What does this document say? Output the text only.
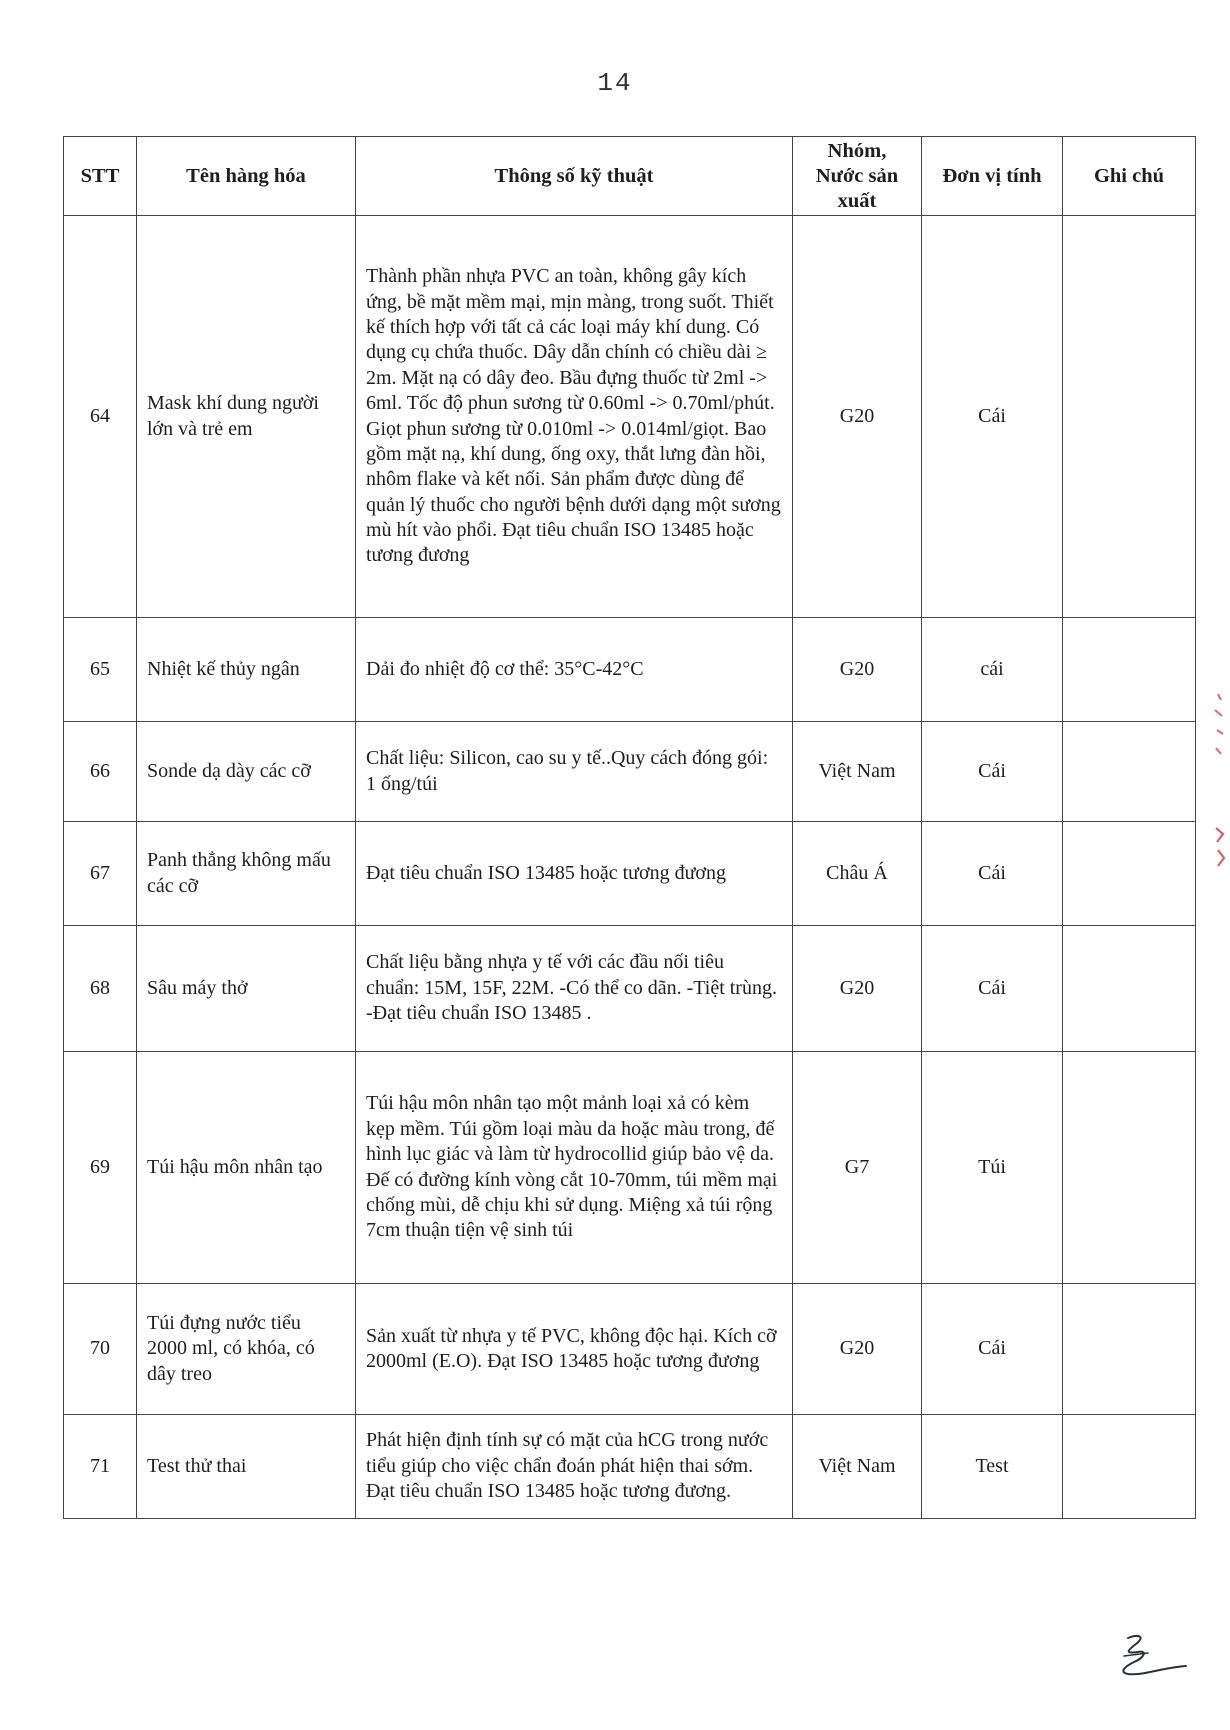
14
STT	Tên hàng hóa	Thông số kỹ thuật	Nhóm, Nước sản xuất	Đơn vị tính	Ghi chú
64	Mask khí dung người lớn và trẻ em	Thành phần nhựa PVC an toàn, không gây kích ứng, bề mặt mềm mại, mịn màng, trong suốt. Thiết kế thích hợp với tất cả các loại máy khí dung. Có dụng cụ chứa thuốc. Dây dẫn chính có chiều dài ≥ 2m. Mặt nạ có dây đeo. Bầu đựng thuốc từ 2ml -> 6ml. Tốc độ phun sương từ 0.60ml -> 0.70ml/phút. Giọt phun sương từ 0.010ml -> 0.014ml/giọt. Bao gồm mặt nạ, khí dung, ống oxy, thắt lưng đàn hồi, nhôm flake và kết nối. Sản phẩm được dùng để quản lý thuốc cho người bệnh dưới dạng một sương mù hít vào phổi. Đạt tiêu chuẩn ISO 13485 hoặc tương đương	G20	Cái	
65	Nhiệt kế thủy ngân	Dải đo nhiệt độ cơ thể: 35°C-42°C	G20	cái	
66	Sonde dạ dày các cỡ	Chất liệu: Silicon, cao su y tế..Quy cách đóng gói: 1 ống/túi	Việt Nam	Cái	
67	Panh thẳng không mấu các cỡ	Đạt tiêu chuẩn ISO 13485 hoặc tương đương	Châu Á	Cái	
68	Sâu máy thở	Chất liệu bằng nhựa y tế với các đầu nối tiêu chuẩn: 15M, 15F, 22M. -Có thể co dãn. -Tiệt trùng. -Đạt tiêu chuẩn ISO 13485 .	G20	Cái	
69	Túi hậu môn nhân tạo	Túi hậu môn nhân tạo một mảnh loại xả có kèm kẹp mềm. Túi gồm loại màu da hoặc màu trong, đế hình lục giác và làm từ hydrocollid giúp bảo vệ da. Đế có đường kính vòng cắt 10-70mm, túi mềm mại chống mùi, dễ chịu khi sử dụng. Miệng xả túi rộng 7cm thuận tiện vệ sinh túi	G7	Túi	
70	Túi đựng nước tiểu 2000 ml, có khóa, có dây treo	Sản xuất từ nhựa y tế PVC, không độc hại. Kích cỡ 2000ml (E.O). Đạt ISO 13485 hoặc tương đương	G20	Cái	
71	Test thử thai	Phát hiện định tính sự có mặt của hCG trong nước tiểu giúp cho việc chẩn đoán phát hiện thai sớm. Đạt tiêu chuẩn ISO 13485 hoặc tương đương.	Việt Nam	Test	
